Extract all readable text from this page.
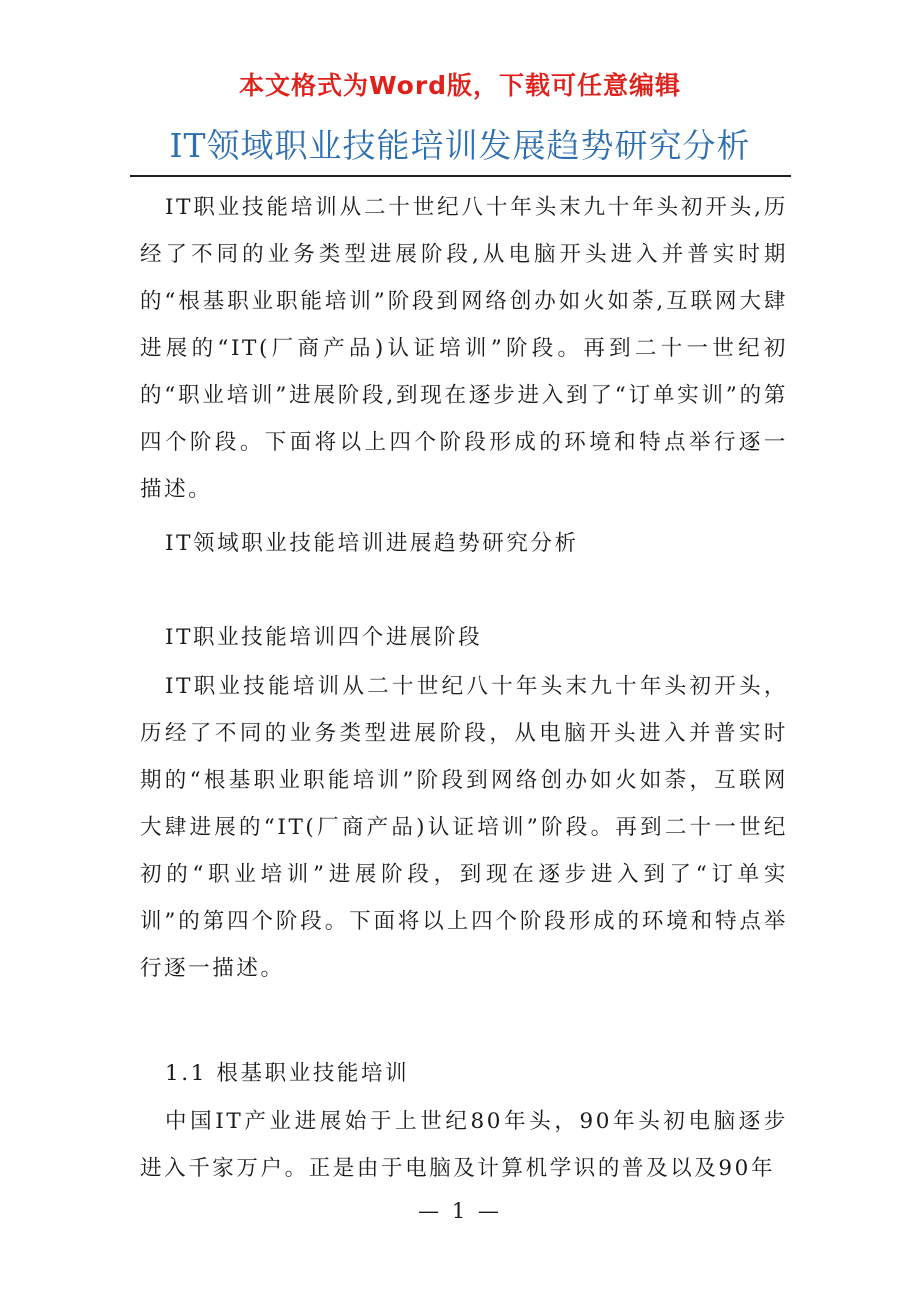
本文格式为Word版，下载可任意编辑
IT领域职业技能培训发展趋势研究分析

IT职业技能培训从二十世纪八十年头末九十年头初开头,历经了不同的业务类型进展阶段,从电脑开头进入并普实时期的“根基职业职能培训”阶段到网络创办如火如荼,互联网大肆进展的“IT(厂商产品)认证培训”阶段。再到二十一世纪初的“职业培训”进展阶段,到现在逐步进入到了“订单实训”的第四个阶段。下面将以上四个阶段形成的环境和特点举行逐一描述。

IT领域职业技能培训进展趋势研究分析

IT职业技能培训四个进展阶段

IT职业技能培训从二十世纪八十年头末九十年头初开头，历经了不同的业务类型进展阶段，从电脑开头进入并普实时期的“根基职业职能培训”阶段到网络创办如火如荼，互联网大肆进展的“IT(厂商产品)认证培训”阶段。再到二十一世纪初的“职业培训”进展阶段，到现在逐步进入到了“订单实训”的第四个阶段。下面将以上四个阶段形成的环境和特点举行逐一描述。

1.1 根基职业技能培训

中国IT产业进展始于上世纪80年头，90年头初电脑逐步进入千家万户。正是由于电脑及计算机学识的普及以及90年

— 1 —
